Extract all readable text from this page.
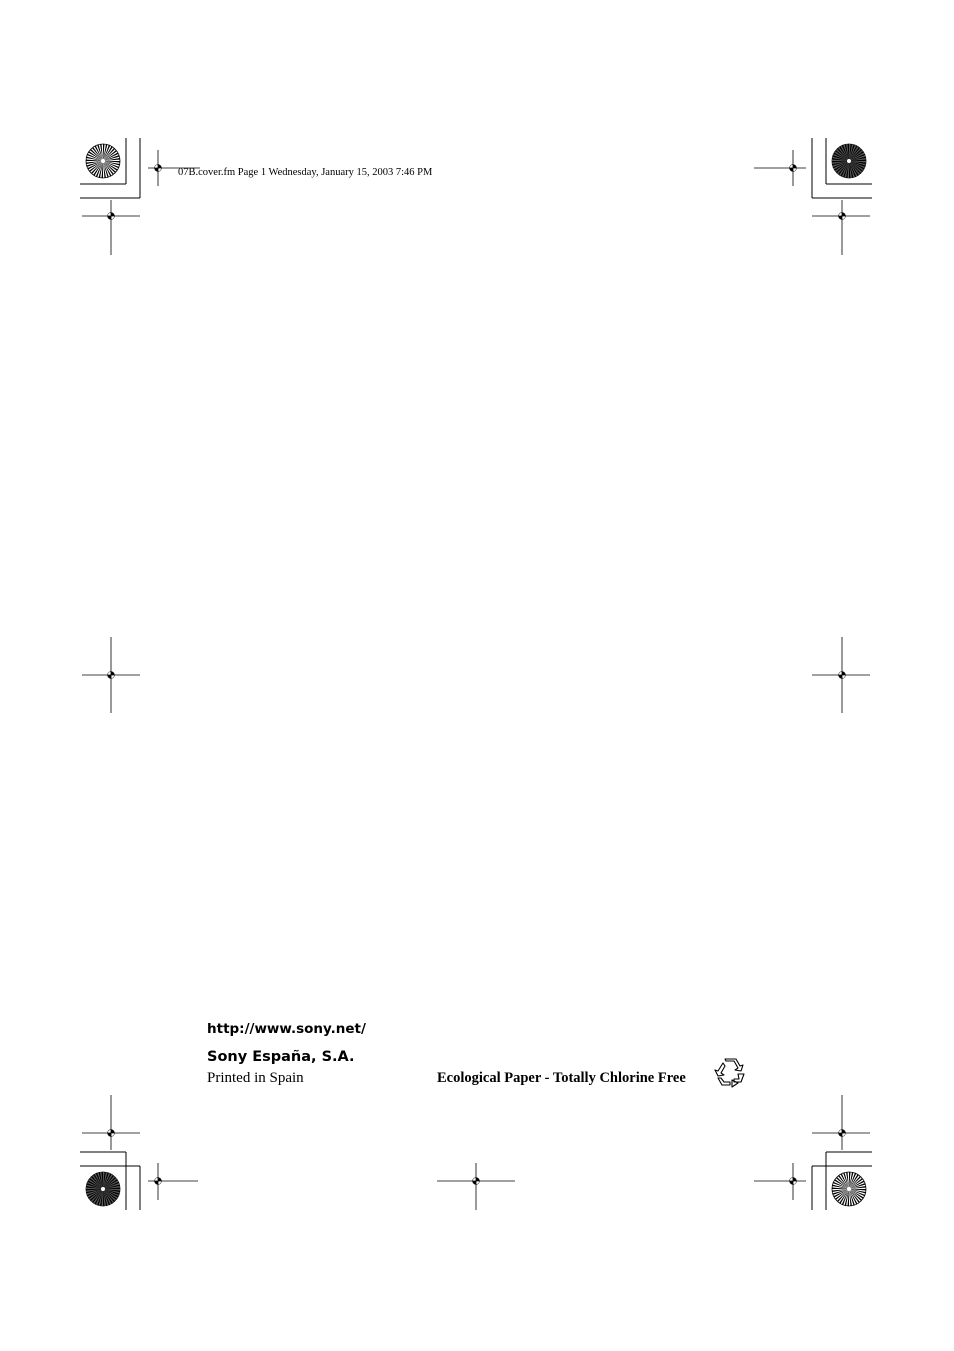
07B.cover.fm Page 1 Wednesday, January 15, 2003 7:46 PM
http://www.sony.net/
Sony España, S.A.
Printed in Spain	Ecological Paper - Totally Chlorine Free
